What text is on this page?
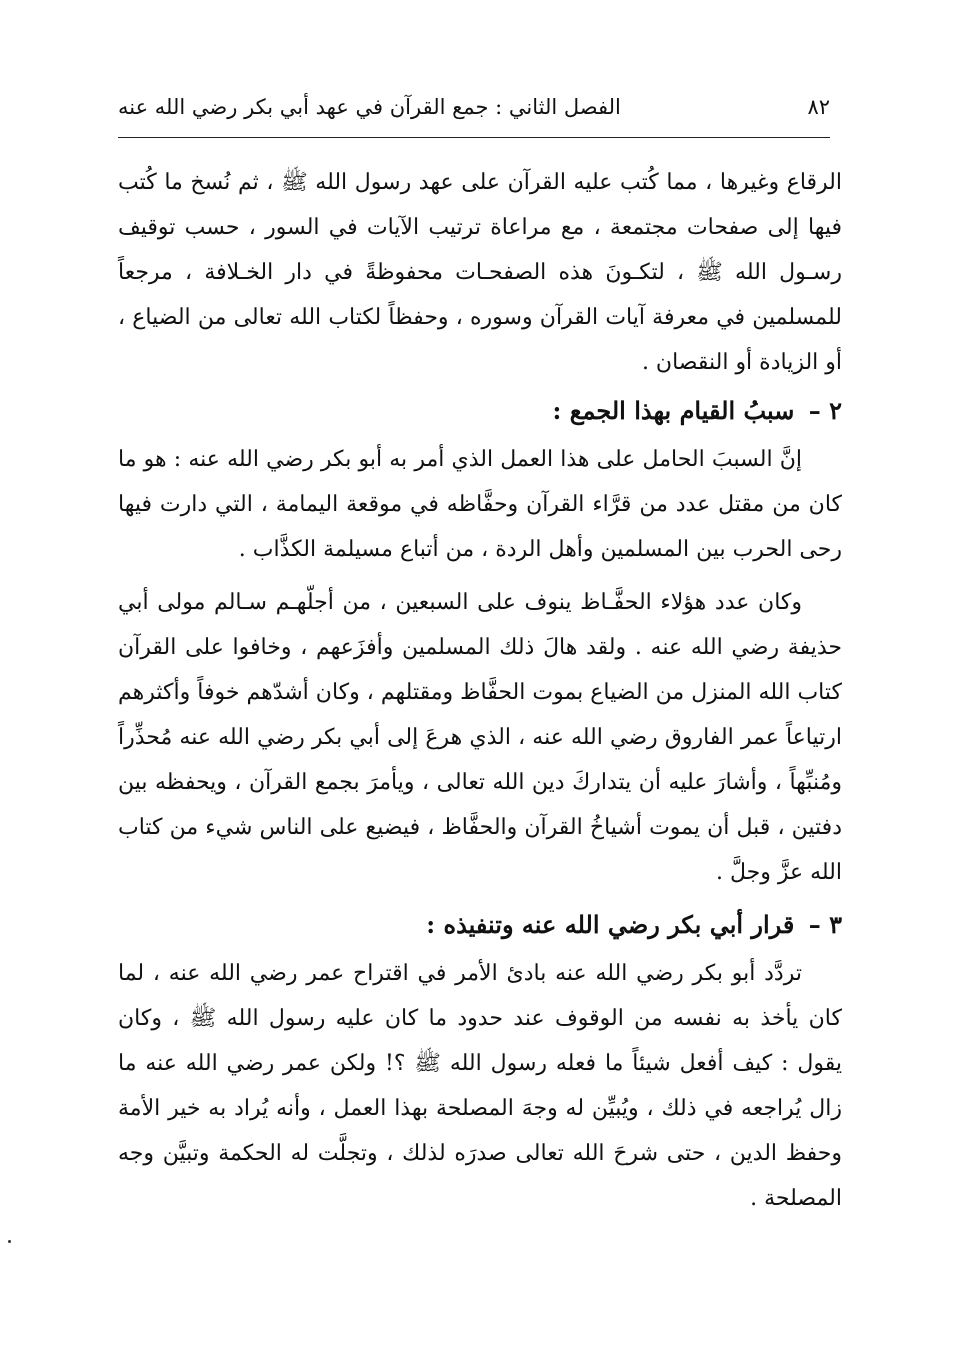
٨٢
الفصل الثاني : جمع القرآن في عهد أبي بكر رضي الله عنه

الرقاع وغيرها ، مما كُتب عليه القرآن على عهد رسول الله ﷺ ، ثم نُسخ ما كُتب فيها إلى صفحات مجتمعة ، مع مراعاة ترتيب الآيات في السور ، حسب توقيف رسـول الله ﷺ ، لتكـونَ هذه الصفحـات محفوظةً في دار الخـلافة ، مرجعاً للمسلمين في معرفة آيات القرآن وسوره ، وحفظاً لكتاب الله تعالى من الضياع ، أو الزيادة أو النقصان .

٢ – سببُ القيام بهذا الجمع :

إنَّ السببَ الحامل على هذا العمل الذي أمر به أبو بكر رضي الله عنه : هو ما كان من مقتل عدد من قرَّاء القرآن وحفَّاظه في موقعة اليمامة ، التي دارت فيها رحى الحرب بين المسلمين وأهل الردة ، من أتباع مسيلمة الكذَّاب .

وكان عدد هؤلاء الحفَّـاظ ينوف على السبعين ، من أجلّهـم سـالم مولى أبي حذيفة رضي الله عنه . ولقد هالَ ذلك المسلمين وأفزَعهم ، وخافوا على القرآن كتاب الله المنزل من الضياع بموت الحفَّاظ ومقتلهم ، وكان أشدّهم خوفاً وأكثرهم ارتياعاً عمر الفاروق رضي الله عنه ، الذي هرعَ إلى أبي بكر رضي الله عنه مُحذِّراً ومُنبِّهاً ، وأشارَ عليه أن يتداركَ دين الله تعالى ، ويأمرَ بجمع القرآن ، ويحفظه بين دفتين ، قبل أن يموت أشياخُ القرآن والحفَّاظ ، فيضيع على الناس شيء من كتاب الله عزَّ وجلَّ .

٣ – قرار أبي بكر رضي الله عنه وتنفيذه :

تردَّد أبو بكر رضي الله عنه بادئ الأمر في اقتراح عمر رضي الله عنه ، لما كان يأخذ به نفسه من الوقوف عند حدود ما كان عليه رسول الله ﷺ ، وكان يقول : كيف أفعل شيئاً ما فعله رسول الله ﷺ ؟! ولكن عمر رضي الله عنه ما زال يُراجعه في ذلك ، ويُبيِّن له وجهَ المصلحة بهذا العمل ، وأنه يُراد به خير الأمة وحفظ الدين ، حتى شرحَ الله تعالى صدرَه لذلك ، وتجلَّت له الحكمة وتبيَّن وجه المصلحة .
